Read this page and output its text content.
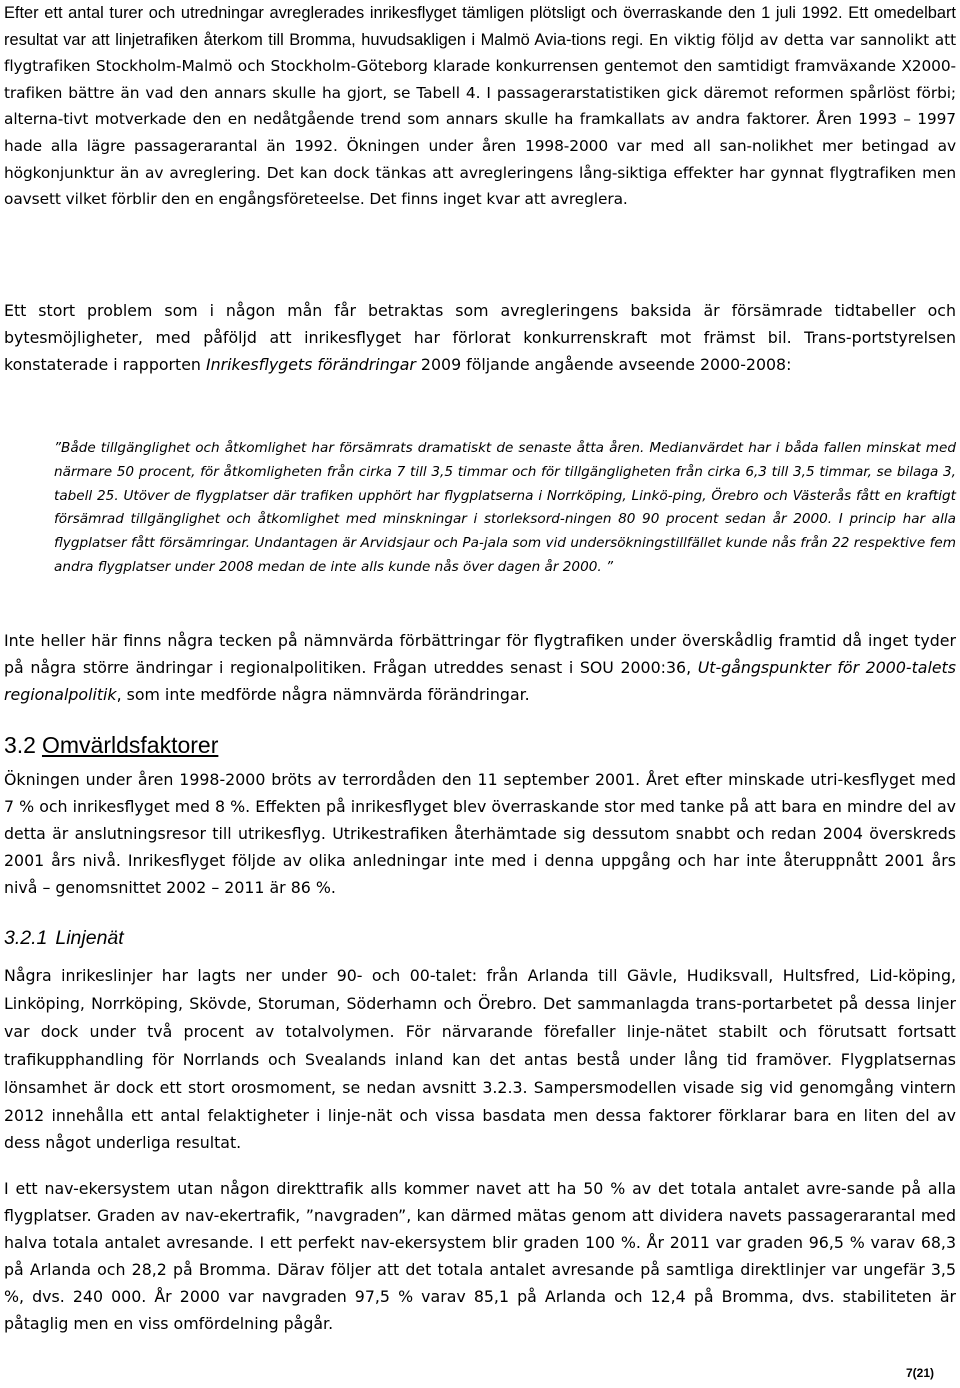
Efter ett antal turer och utredningar avreglerades inrikesflyget tämligen plötsligt och överraskande den 1 juli 1992. Ett omedelbart resultat var att linjetrafiken återkom till Bromma, huvudsakligen i Malmö Avia-tions regi. En viktig följd av detta var sannolikt att flygtrafiken Stockholm-Malmö och Stockholm-Göteborg klarade konkurrensen gentemot den samtidigt framväxande X2000-trafiken bättre än vad den annars skulle ha gjort, se Tabell 4. I passagerarstatistiken gick däremot reformen spårlöst förbi; alterna-tivt motverkade den en nedåtgående trend som annars skulle ha framkallats av andra faktorer. Åren 1993 – 1997 hade alla lägre passagerarantal än 1992. Ökningen under åren 1998-2000 var med all san-nolikhet mer betingad av högkonjunktur än av avreglering. Det kan dock tänkas att avregleringens lång-siktiga effekter har gynnat flygtrafiken men oavsett vilket förblir den en engångsföreteelse. Det finns inget kvar att avreglera.

Ett stort problem som i någon mån får betraktas som avregleringens baksida är försämrade tidtabeller och bytesmöjligheter, med påföljd att inrikesflyget har förlorat konkurrenskraft mot främst bil. Trans-portstyrelsen konstaterade i rapporten Inrikesflygets förändringar 2009 följande angående avseende 2000-2008:

”Både tillgänglighet och åtkomlighet har försämrats dramatiskt de senaste åtta åren. Medianvärdet har i båda fallen minskat med närmare 50 procent, för åtkomligheten från cirka 7 till 3,5 timmar och för tillgängligheten från cirka 6,3 till 3,5 timmar, se bilaga 3, tabell 25. Utöver de flygplatser där trafiken upphört har flygplatserna i Norrköping, Linkö-ping, Örebro och Västerås fått en kraftigt försämrad tillgänglighet och åtkomlighet med minskningar i storleksord-ningen 80 90 procent sedan år 2000. I princip har alla flygplatser fått försämringar. Undantagen är Arvidsjaur och Pa-jala som vid undersökningstillfället kunde nås från 22 respektive fem andra flygplatser under 2008 medan de inte alls kunde nås över dagen år 2000. ”

Inte heller här finns några tecken på nämnvärda förbättringar för flygtrafiken under överskådlig framtid då inget tyder på några större ändringar i regionalpolitiken. Frågan utreddes senast i SOU 2000:36, Ut-gångspunkter för 2000-talets regionalpolitik, som inte medförde några nämnvärda förändringar.

3.2 Omvärldsfaktorer

Ökningen under åren 1998-2000 bröts av terrordåden den 11 september 2001. Året efter minskade utri-kesflyget med 7 % och inrikesflyget med 8 %. Effekten på inrikesflyget blev överraskande stor med tanke på att bara en mindre del av detta är anslutningsresor till utrikesflyg. Utrikestrafiken återhämtade sig dessutom snabbt och redan 2004 överskreds 2001 års nivå. Inrikesflyget följde av olika anledningar inte med i denna uppgång och har inte återuppnått 2001 års nivå – genomsnittet 2002 – 2011 är 86 %.

3.2.1 Linjenät

Några inrikeslinjer har lagts ner under 90- och 00-talet: från Arlanda till Gävle, Hudiksvall, Hultsfred, Lid-köping, Linköping, Norrköping, Skövde, Storuman, Söderhamn och Örebro. Det sammanlagda trans-portarbetet på dessa linjer var dock under två procent av totalvolymen. För närvarande förefaller linje-nätet stabilt och förutsatt fortsatt trafikupphandling för Norrlands och Svealands inland kan det antas bestå under lång tid framöver. Flygplatsernas lönsamhet är dock ett stort orosmoment, se nedan avsnitt 3.2.3. Sampersmodellen visade sig vid genomgång vintern 2012 innehålla ett antal felaktigheter i linje-nät och vissa basdata men dessa faktorer förklarar bara en liten del av dess något underliga resultat.

I ett nav-ekersystem utan någon direkttrafik alls kommer navet att ha 50 % av det totala antalet avre-sande på alla flygplatser. Graden av nav-ekertrafik, ”navgraden”, kan därmed mätas genom att dividera navets passagerarantal med halva totala antalet avresande. I ett perfekt nav-ekersystem blir graden 100 %. År 2011 var graden 96,5 % varav 68,3 på Arlanda och 28,2 på Bromma. Därav följer att det totala antalet avresande på samtliga direktlinjer var ungefär 3,5 %, dvs. 240 000. År 2000 var navgraden 97,5 % varav 85,1 på Arlanda och 12,4 på Bromma, dvs. stabiliteten är påtaglig men en viss omfördelning pågår.

7(21)
